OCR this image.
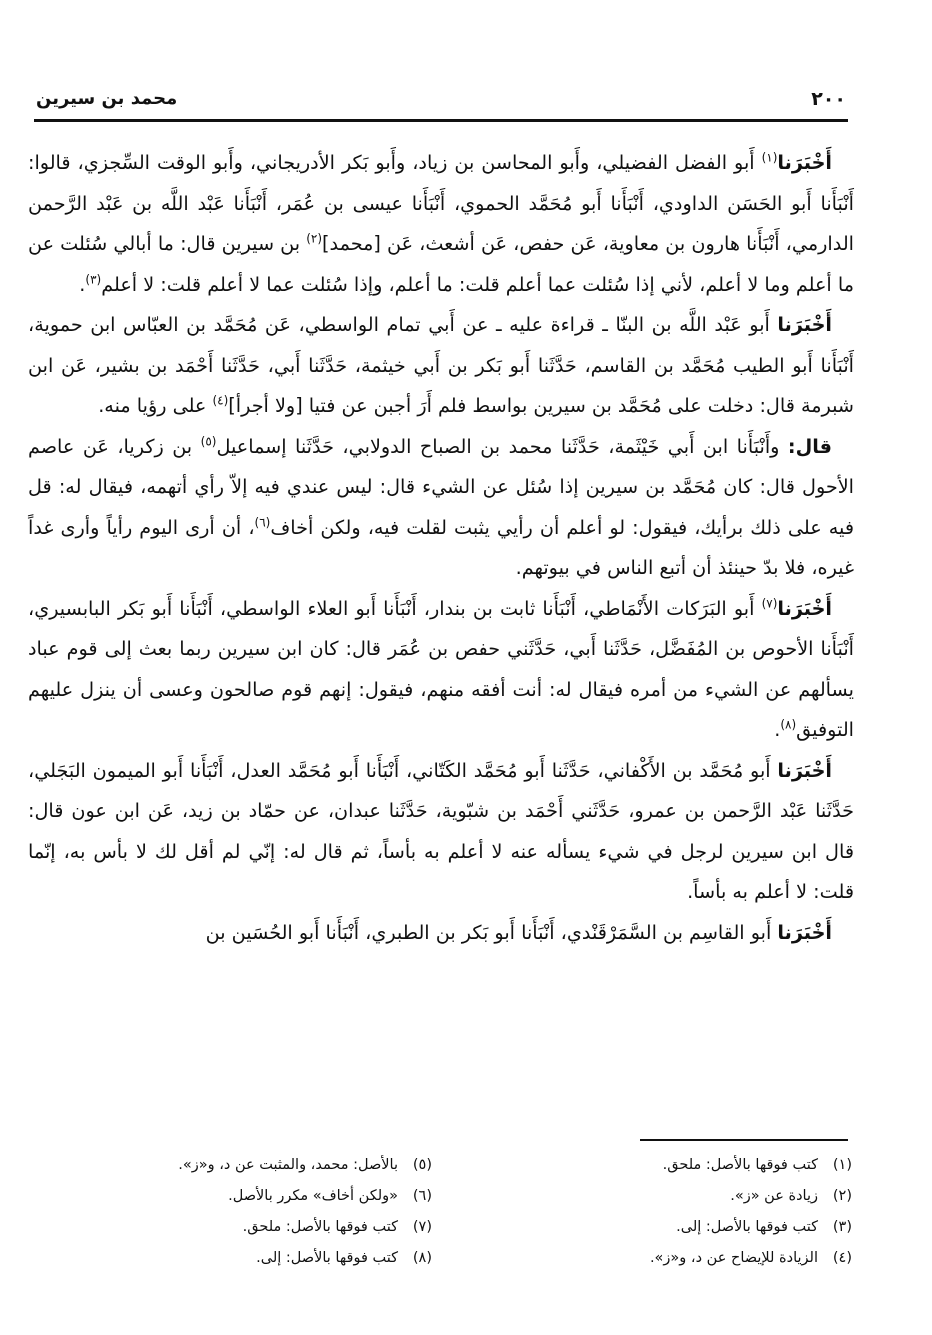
٢٠٠
محمد بن سيرين

أَخْبَرَنا$^{(١)}$ أَبو الفضل الفضيلي، وأَبو المحاسن بن زياد، وأَبو بَكر الأدريجاني، وأَبو الوقت السِّجزي، قالوا: أَنْبَأَنا أَبو الحَسَن الداودي، أَنْبَأَنا أَبو مُحَمَّد الحموي، أَنْبَأَنا عيسى بن عُمَر، أَنْبَأَنا عَبْد اللَّه بن عَبْد الرَّحمن الدارمي، أَنْبَأَنا هارون بن معاوية، عَن حفص، عَن أشعث، عَن [محمد]$^{(٢)}$ بن سيرين قال: ما أبالي سُئلت عن ما أعلم وما لا أعلم، لأني إذا سُئلت عما أعلم قلت: ما أعلم، وإذا سُئلت عما لا أعلم قلت: لا أعلم$^{(٣)}$.

أَخْبَرَنا أَبو عَبْد اللَّه بن البنّا ـ قراءة عليه ـ عن أَبي تمام الواسطي، عَن مُحَمَّد بن العبّاس ابن حموية، أَنْبَأَنا أَبو الطيب مُحَمَّد بن القاسم، حَدَّثَنا أَبو بَكر بن أَبي خيثمة، حَدَّثَنا أَبي، حَدَّثَنا أَحْمَد بن بشير، عَن ابن شبرمة قال: دخلت على مُحَمَّد بن سيرين بواسط فلم أَرَ أجبن عن فتيا [ولا أجرأ]$^{(٤)}$ على رؤيا منه.

قال: وأَنْبَأَنا ابن أَبي خَيْثَمة، حَدَّثَنا محمد بن الصباح الدولابي، حَدَّثَنا إسماعيل$^{(٥)}$ بن زكريا، عَن عاصم الأحول قال: كان مُحَمَّد بن سيرين إذا سُئل عن الشيء قال: ليس عندي فيه إلاّ رأي أتهمه، فيقال له: قل فيه على ذلك برأيك، فيقول: لو أعلم أن رأيي يثبت لقلت فيه، ولكن أخاف$^{(٦)}$، أن أرى اليوم رأياً وأرى غداً غيره، فلا بدّ حينئذ أن أتبع الناس في بيوتهم.

أَخْبَرَنا$^{(٧)}$ أَبو البَرَكات الأَنْمَاطي، أَنْبَأَنا ثابت بن بندار، أَنْبَأَنا أَبو العلاء الواسطي، أَنْبَأَنا أَبو بَكر البابسيري، أَنْبَأَنا الأحوص بن المُفَضَّل، حَدَّثَنا أَبي، حَدَّثَني حفص بن عُمَر قال: كان ابن سيرين ربما بعث إلى قوم عباد يسألهم عن الشيء من أمره فيقال له: أنت أفقه منهم، فيقول: إنهم قوم صالحون وعسى أن ينزل عليهم التوفيق$^{(٨)}$.

أَخْبَرَنا أَبو مُحَمَّد بن الأَكْفاني، حَدَّثَنا أَبو مُحَمَّد الكَتّاني، أَنْبَأَنا أَبو مُحَمَّد العدل، أَنْبَأَنا أَبو الميمون البَجَلي، حَدَّثَنا عَبْد الرَّحمن بن عمرو، حَدَّثَني أَحْمَد بن شبّوية، حَدَّثَنا عبدان، عن حمّاد بن زيد، عَن ابن عون قال: قال ابن سيرين لرجل في شيء يسأله عنه لا أعلم به بأساً، ثم قال له: إنّي لم أقل لك لا بأس به، إنّما قلت: لا أعلم به بأساً.

أَخْبَرَنا أَبو القاسِم بن السَّمَرْقَنْدي، أَنْبَأَنا أَبو بَكر بن الطبري، أَنْبَأَنا أَبو الحُسَين بن

(١)كتب فوقها بالأصل: ملحق.
(٢)زيادة عن «ز».
(٣)كتب فوقها بالأصل: إلى.
(٤)الزيادة للإيضاح عن د، و«ز».
(٥)بالأصل: محمد، والمثبت عن د، و«ز».
(٦)«ولكن أخاف» مكرر بالأصل.
(٧)كتب فوقها بالأصل: ملحق.
(٨)كتب فوقها بالأصل: إلى.
